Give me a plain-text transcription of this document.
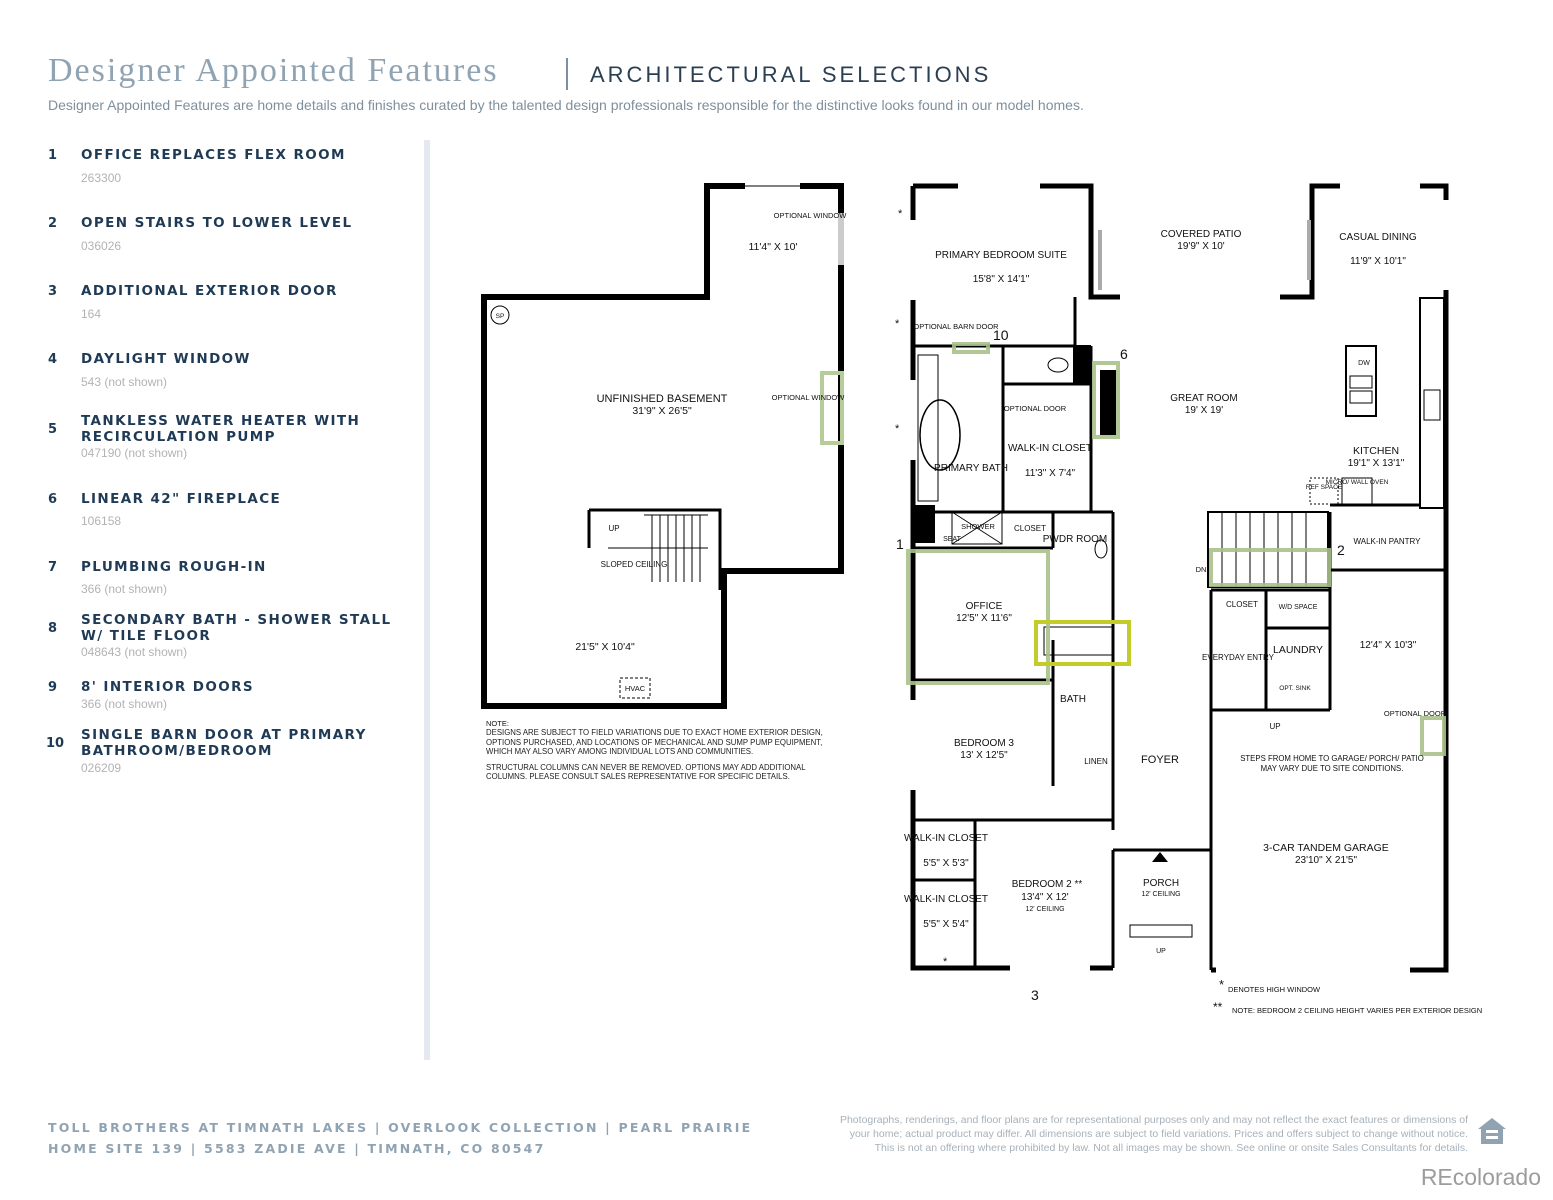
Designer Appointed Features	ARCHITECTURAL SELECTIONS
Designer Appointed Features are home details and finishes curated by the talented design professionals responsible for the distinctive looks found in our model homes.
1	OFFICE REPLACES FLEX ROOM
263300
2	OPEN STAIRS TO LOWER LEVEL
036026
3	ADDITIONAL EXTERIOR DOOR
164
4	DAYLIGHT WINDOW
543 (not shown)
5
TANKLESS WATER HEATER WITH RECIRCULATION PUMP
047190 (not shown)
6	LINEAR 42" FIREPLACE
106158
7	PLUMBING ROUGH-IN
366 (not shown)
8
SECONDARY BATH - SHOWER STALL W/ TILE FLOOR
048643 (not shown)
9	8' INTERIOR DOORS
366 (not shown)
10
SINGLE BARN DOOR AT PRIMARY BATHROOM/BEDROOM
026209
11'4" X 10'
OPTIONAL WINDOW
SP
UNFINISHED BASEMENT
31'9" X 26'5"
OPTIONAL WINDOW
UP
SLOPED CEILING
21'5" X 10'4"
HVAC
NOTE:
DESIGNS ARE SUBJECT TO FIELD VARIATIONS DUE TO EXACT HOME EXTERIOR DESIGN, OPTIONS PURCHASED, AND LOCATIONS OF MECHANICAL AND SUMP PUMP EQUIPMENT, WHICH MAY ALSO VARY AMONG INDIVIDUAL LOTS AND COMMUNITIES.
STRUCTURAL COLUMNS CAN NEVER BE REMOVED. OPTIONS MAY ADD ADDITIONAL COLUMNS. PLEASE CONSULT SALES REPRESENTATIVE FOR SPECIFIC DETAILS.
PRIMARY BEDROOM SUITE
15'8" X 14'1"
COVERED PATIO
19'9" X 10'
CASUAL DINING
11'9" X 10'1"
OPTIONAL BARN DOOR
GREAT ROOM
19' X 19'
DW
OPTIONAL DOOR
WALK-IN CLOSET
11'3" X 7'4"
KITCHEN
19'1" X 13'1"
PRIMARY BATH
REF SPACE
MICRO/ WALL OVEN
SHOWER
SEAT
CLOSET
PWDR ROOM	WALK-IN PANTRY
DN
OFFICE
12'5" X 11'6"
CLOSET	W/D SPACE
EVERYDAY ENTRY
LAUNDRY
OPT. SINK
12'4" X 10'3"
OPTIONAL DOOR
UP
BATH
BEDROOM 3
13' X 12'5"
LINEN	FOYER	STEPS FROM HOME TO GARAGE/ PORCH/ PATIO MAY VARY DUE TO SITE CONDITIONS.
WALK-IN CLOSET
5'5" X 5'3"
3-CAR TANDEM GARAGE
23'10" X 21'5"
PORCH
12' CEILING
BEDROOM 2 **
13'4" X 12'
12' CEILING
WALK-IN CLOSET
5'5" X 5'4"
UP
*
*
*
*
* DENOTES HIGH WINDOW
** NOTE: BEDROOM 2 CEILING HEIGHT VARIES PER EXTERIOR DESIGN
1	2
3
6
10
TOLL BROTHERS AT TIMNATH LAKES | OVERLOOK COLLECTION | PEARL PRAIRIE
HOME SITE 139 | 5583 ZADIE AVE | TIMNATH, CO 80547
Photographs, renderings, and floor plans are for representational purposes only and may not reflect the exact features or dimensions of
your home; actual product may differ. All dimensions are subject to field variations. Prices and offers subject to change without notice.
This is not an offering where prohibited by law. Not all images may be shown. See online or onsite Sales Consultants for details.
REcolorado
